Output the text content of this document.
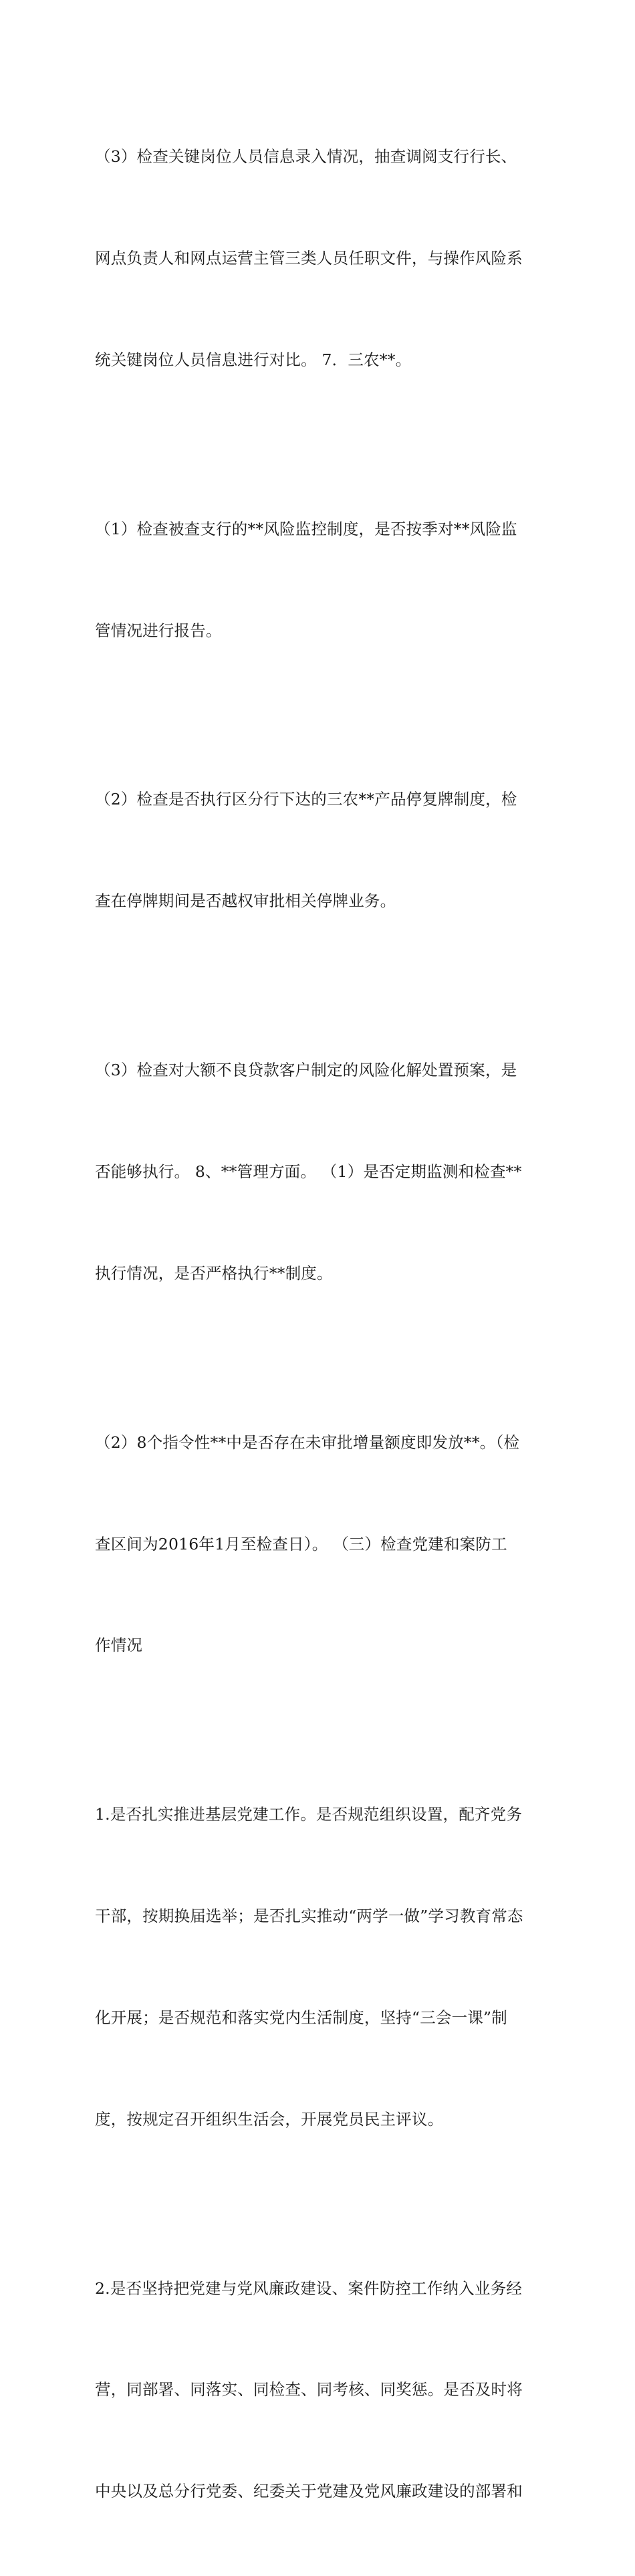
（3）检查关键岗位人员信息录入情况，抽查调阅支行行长、

网点负责人和网点运营主管三类人员任职文件，与操作风险系

统关键岗位人员信息进行对比。 7．三农**。

（1）检查被查支行的**风险监控制度，是否按季对**风险监

管情况进行报告。

（2）检查是否执行区分行下达的三农**产品停复牌制度，检

查在停牌期间是否越权审批相关停牌业务。

（3）检查对大额不良贷款客户制定的风险化解处置预案，是

否能够执行。 8、**管理方面。 （1）是否定期监测和检查**

执行情况，是否严格执行**制度。

（2）8个指令性**中是否存在未审批增量额度即发放**。（检

查区间为2016年1月至检查日）。 （三）检查党建和案防工

作情况

1.是否扎实推进基层党建工作。是否规范组织设置，配齐党务

干部，按期换届选举；是否扎实推动“两学一做”学习教育常态

化开展；是否规范和落实党内生活制度，坚持“三会一课”制

度，按规定召开组织生活会，开展党员民主评议。

2.是否坚持把党建与党风廉政建设、案件防控工作纳入业务经

营，同部署、同落实、同检查、同考核、同奖惩。是否及时将

中央以及总分行党委、纪委关于党建及党风廉政建设的部署和
